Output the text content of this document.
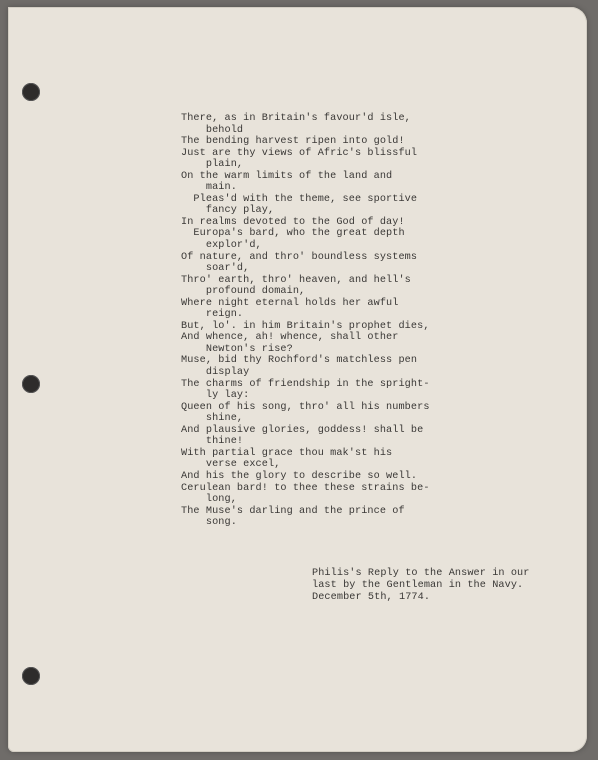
There, as in Britain's favour'd isle,
behold
The bending harvest ripen into gold!
Just are thy views of Afric's blissful
plain,
On the warm limits of the land and
main.
Pleas'd with the theme, see sportive
fancy play,
In realms devoted to the God of day!
Europa's bard, who the great depth
explor'd,
Of nature, and thro' boundless systems
soar'd,
Thro' earth, thro' heaven, and hell's
profound domain,
Where night eternal holds her awful
reign.
But, lo'. in him Britain's prophet dies,
And whence, ah! whence, shall other
Newton's rise?
Muse, bid thy Rochford's matchless pen
display
The charms of friendship in the spright-
ly lay:
Queen of his song, thro' all his numbers
shine,
And plausive glories, goddess! shall be
thine!
With partial grace thou mak'st his
verse excel,
And his the glory to describe so well.
Cerulean bard! to thee these strains be-
long,
The Muse's darling and the prince of
song.
Philis's Reply to the Answer in our
last by the Gentleman in the Navy.
December 5th, 1774.
